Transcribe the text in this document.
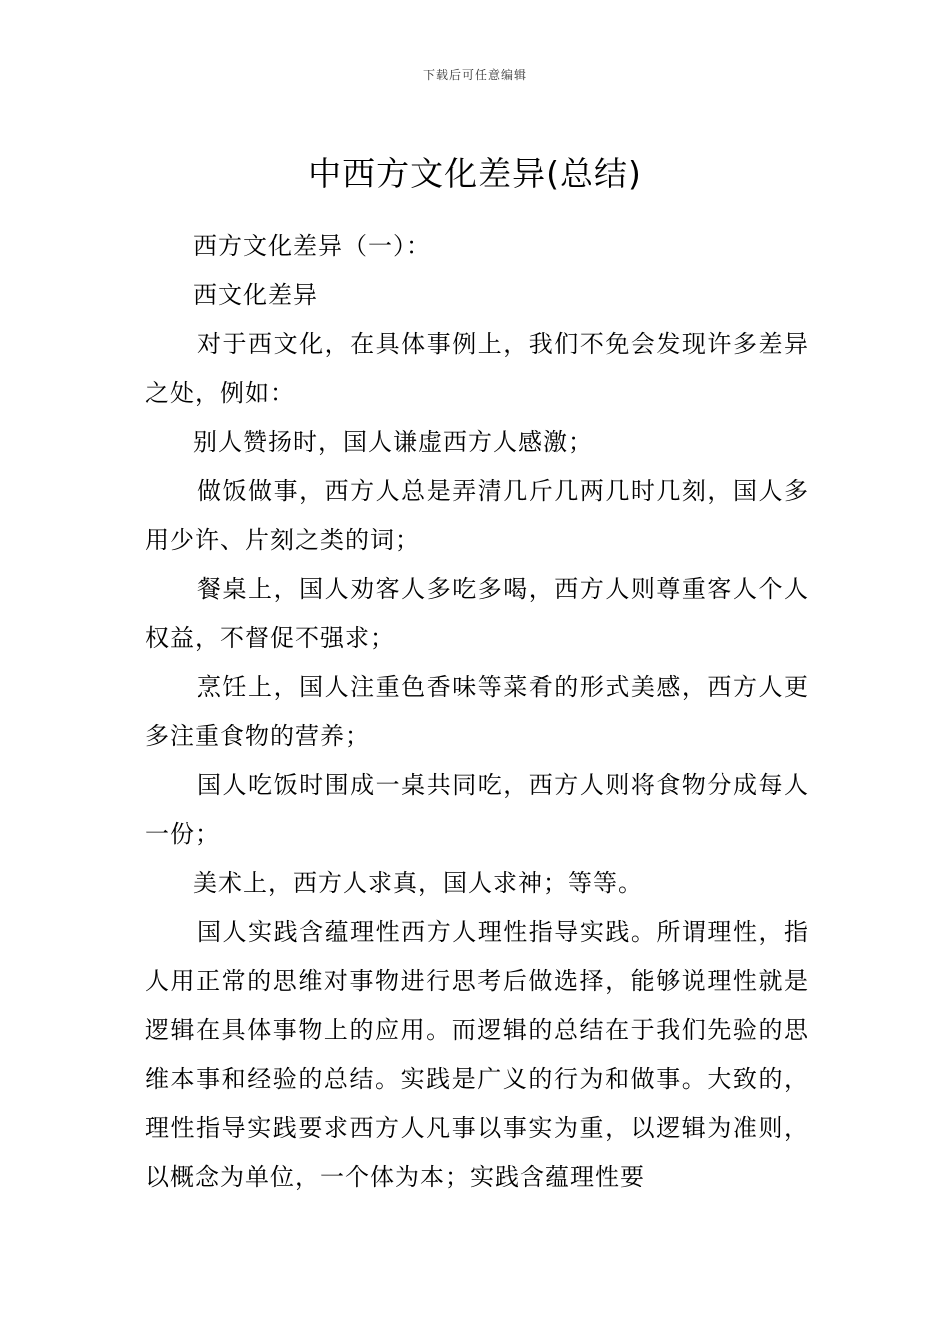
下载后可任意编辑
中西方文化差异(总结)

西方文化差异（一）：

西文化差异

对于西文化，在具体事例上，我们不免会发现许多差异之处，例如：

别人赞扬时，国人谦虚西方人感激；

做饭做事，西方人总是弄清几斤几两几时几刻，国人多用少许、片刻之类的词；

餐桌上，国人劝客人多吃多喝，西方人则尊重客人个人权益，不督促不强求；

烹饪上，国人注重色香味等菜肴的形式美感，西方人更多注重食物的营养；

国人吃饭时围成一桌共同吃，西方人则将食物分成每人一份；

美术上，西方人求真，国人求神；等等。

国人实践含蕴理性西方人理性指导实践。所谓理性，指人用正常的思维对事物进行思考后做选择，能够说理性就是逻辑在具体事物上的应用。而逻辑的总结在于我们先验的思维本事和经验的总结。实践是广义的行为和做事。大致的，理性指导实践要求西方人凡事以事实为重，以逻辑为准则，以概念为单位，一个体为本；实践含蕴理性要
